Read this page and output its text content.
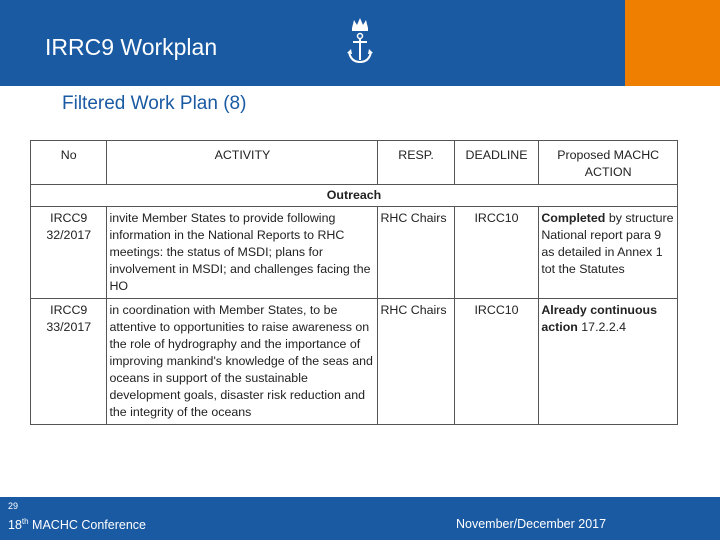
IRRC9 Workplan
Filtered Work Plan (8)
No	ACTIVITY	RESP.	DEADLINE	Proposed MACHC ACTION
Outreach				
IRCC9 32/2017	invite Member States to provide following information in the National Reports to RHC meetings: the status of MSDI; plans for involvement in MSDI; and challenges facing the HO	RHC Chairs	IRCC10	Completed by structure National report para 9 as detailed in Annex 1 tot the Statutes
IRCC9 33/2017	in coordination with Member States, to be attentive to opportunities to raise awareness on the role of hydrography and the importance of improving mankind's knowledge of the seas and oceans in support of the sustainable development goals, disaster risk reduction and the integrity of the oceans	RHC Chairs	IRCC10	Already continuous action 17.2.2.4
29
18th MACHC Conference	November/December 2017
